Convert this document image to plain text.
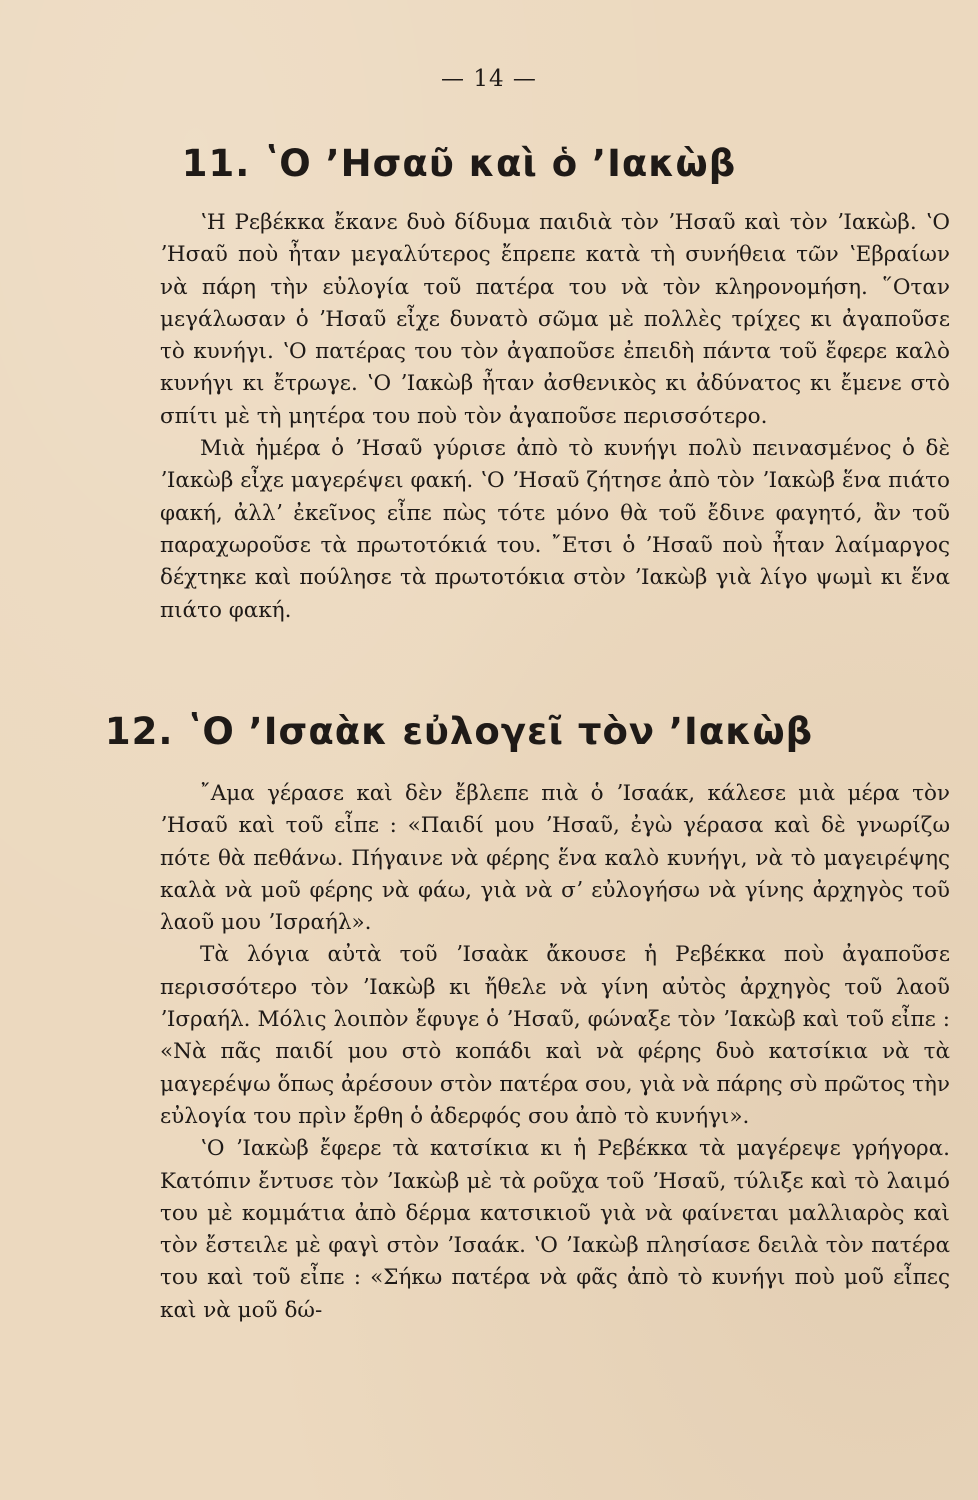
— 14 —
11. ʽΟ ʼΗσαῦ καὶ ὁ ʼΙακὼβ

ʽΗ Ρεβέκκα ἔκανε δυὸ δίδυμα παιδιὰ τὸν ʼΗσαῦ καὶ τὸν ʼΙακὼβ. ʽΟ ʼΗσαῦ ποὺ ἦταν μεγαλύτερος ἔπρεπε κατὰ τὴ συνήθεια τῶν ʽΕβραίων νὰ πάρη τὴν εὐλογία τοῦ πατέρα του νὰ τὸν κληρονομήση. ῞Οταν μεγάλωσαν ὁ ʼΗσαῦ εἶχε δυνατὸ σῶμα μὲ πολλὲς τρίχες κι ἀγαποῦσε τὸ κυνήγι. ʽΟ πατέρας του τὸν ἀγαποῦσε ἐπειδὴ πάντα τοῦ ἔφερε καλὸ κυνήγι κι ἔτρωγε. ʽΟ ʼΙακὼβ ἦταν ἀσθενικὸς κι ἀδύνατος κι ἔμενε στὸ σπίτι μὲ τὴ μητέρα του ποὺ τὸν ἀγαποῦσε περισσότερο.

Μιὰ ἡμέρα ὁ ʼΗσαῦ γύρισε ἀπὸ τὸ κυνήγι πολὺ πεινασμένος ὁ δὲ ʼΙακὼβ εἶχε μαγερέψει φακή. ʽΟ ʼΗσαῦ ζήτησε ἀπὸ τὸν ʼΙακὼβ ἕνα πιάτο φακή, ἀλλʼ ἐκεῖνος εἶπε πὼς τότε μόνο θὰ τοῦ ἔδινε φαγητό, ἂν τοῦ παραχωροῦσε τὰ πρωτοτόκιά του. ῎Ετσι ὁ ʼΗσαῦ ποὺ ἦταν λαίμαργος δέχτηκε καὶ πούλησε τὰ πρωτοτόκια στὸν ʼΙακὼβ γιὰ λίγο ψωμὶ κι ἕνα πιάτο φακή.

12. ʽΟ ʼΙσαὰκ εὐλογεῖ τὸν ʼΙακὼβ

῎Αμα γέρασε καὶ δὲν ἔβλεπε πιὰ ὁ ʼΙσαάκ, κάλεσε μιὰ μέρα τὸν ʼΗσαῦ καὶ τοῦ εἶπε : «Παιδί μου ʼΗσαῦ, ἐγὼ γέρασα καὶ δὲ γνωρίζω πότε θὰ πεθάνω. Πήγαινε νὰ φέρης ἕνα καλὸ κυνήγι, νὰ τὸ μαγειρέψης καλὰ νὰ μοῦ φέρης νὰ φάω, γιὰ νὰ σʼ εὐλογήσω νὰ γίνης ἀρχηγὸς τοῦ λαοῦ μου ʼΙσραήλ».

Τὰ λόγια αὐτὰ τοῦ ʼΙσαὰκ ἄκουσε ἡ Ρεβέκκα ποὺ ἀγαποῦσε περισσότερο τὸν ʼΙακὼβ κι ἤθελε νὰ γίνη αὐτὸς ἀρχηγὸς τοῦ λαοῦ ʼΙσραήλ. Μόλις λοιπὸν ἔφυγε ὁ ʼΗσαῦ, φώναξε τὸν ʼΙακὼβ καὶ τοῦ εἶπε : «Νὰ πᾶς παιδί μου στὸ κοπάδι καὶ νὰ φέρης δυὸ κατσίκια νὰ τὰ μαγερέψω ὅπως ἀρέσουν στὸν πατέρα σου, γιὰ νὰ πάρης σὺ πρῶτος τὴν εὐλογία του πρὶν ἔρθη ὁ ἀδερφός σου ἀπὸ τὸ κυνήγι».

ʽΟ ʼΙακὼβ ἔφερε τὰ κατσίκια κι ἡ Ρεβέκκα τὰ μαγέρεψε γρήγορα. Κατόπιν ἔντυσε τὸν ʼΙακὼβ μὲ τὰ ροῦχα τοῦ ʼΗσαῦ, τύλιξε καὶ τὸ λαιμό του μὲ κομμάτια ἀπὸ δέρμα κατσικιοῦ γιὰ νὰ φαίνεται μαλλιαρὸς καὶ τὸν ἔστειλε μὲ φαγὶ στὸν ʼΙσαάκ. ʽΟ ʼΙακὼβ πλησίασε δειλὰ τὸν πατέρα του καὶ τοῦ εἶπε : «Σήκω πατέρα νὰ φᾶς ἀπὸ τὸ κυνήγι ποὺ μοῦ εἶπες καὶ νὰ μοῦ δώ-
